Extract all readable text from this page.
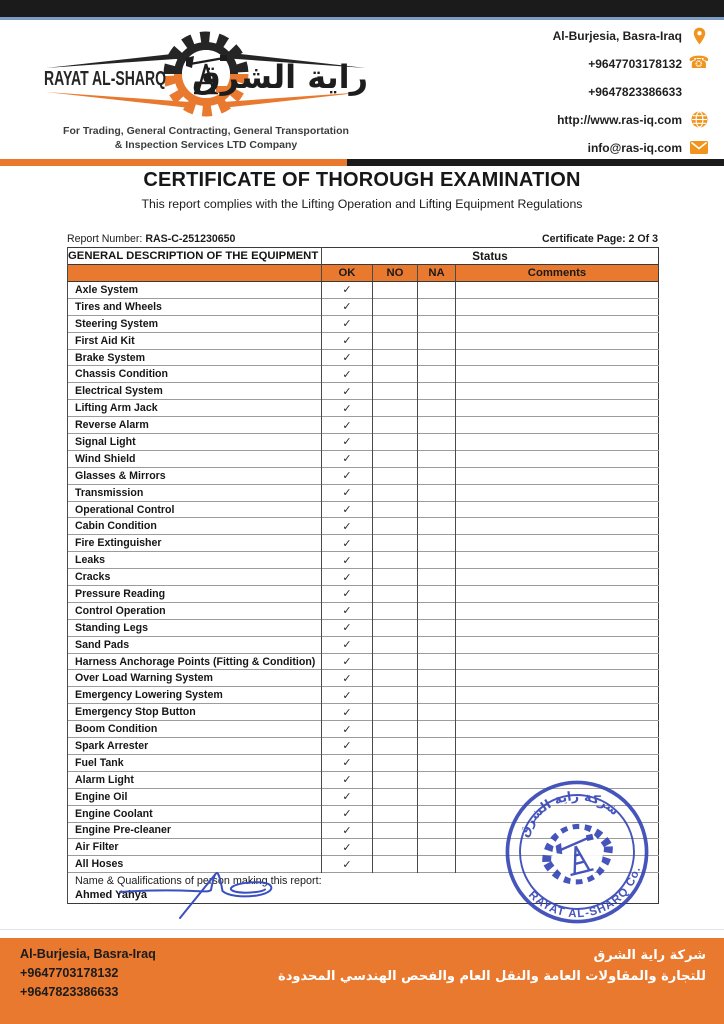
RAYAT AL-SHARQ راية الشرق
For Trading, General Contracting, General Transportation
& Inspection Services LTD Company
Al-Burjesia, Basra-Iraq
+9647703178132 ☎
+9647823386633
http://www.ras-iq.com
info@ras-iq.com
CERTIFICATE OF THOROUGH EXAMINATION
This report complies with the Lifting Operation and Lifting Equipment Regulations
Report Number: RAS-C-251230650	Certificate Page: 2 Of 3
GENERAL DESCRIPTION OF THE EQUIPMENT	Status			
	OK	NO	NA	Comments
Axle System	✓			
Tires and Wheels	✓			
Steering System	✓			
First Aid Kit	✓			
Brake System	✓			
Chassis Condition	✓			
Electrical System	✓			
Lifting Arm Jack	✓			
Reverse Alarm	✓			
Signal Light	✓			
Wind Shield	✓			
Glasses & Mirrors	✓			
Transmission	✓			
Operational Control	✓			
Cabin Condition	✓			
Fire Extinguisher	✓			
Leaks	✓			
Cracks	✓			
Pressure Reading	✓			
Control Operation	✓			
Standing Legs	✓			
Sand Pads	✓			
Harness Anchorage Points (Fitting & Condition)	✓			
Over Load Warning System	✓			
Emergency Lowering System	✓			
Emergency Stop Button	✓			
Boom Condition	✓			
Spark Arrester	✓			
Fuel Tank	✓			
Alarm Light	✓			
Engine Oil	✓			
Engine Coolant	✓			
Engine Pre-cleaner	✓			
Air Filter	✓			
All Hoses	✓			

Name & Qualifications of person making this report:
Ahmed Yahya				
شركة راية الشرق
RAYAT AL-SHARQ Co.
Al-Burjesia, Basra-Iraq
+9647703178132
+9647823386633
شركة راية الشرق
للتجارة والمقاولات العامة والنقل العام والفحص الهندسي المحدودة
